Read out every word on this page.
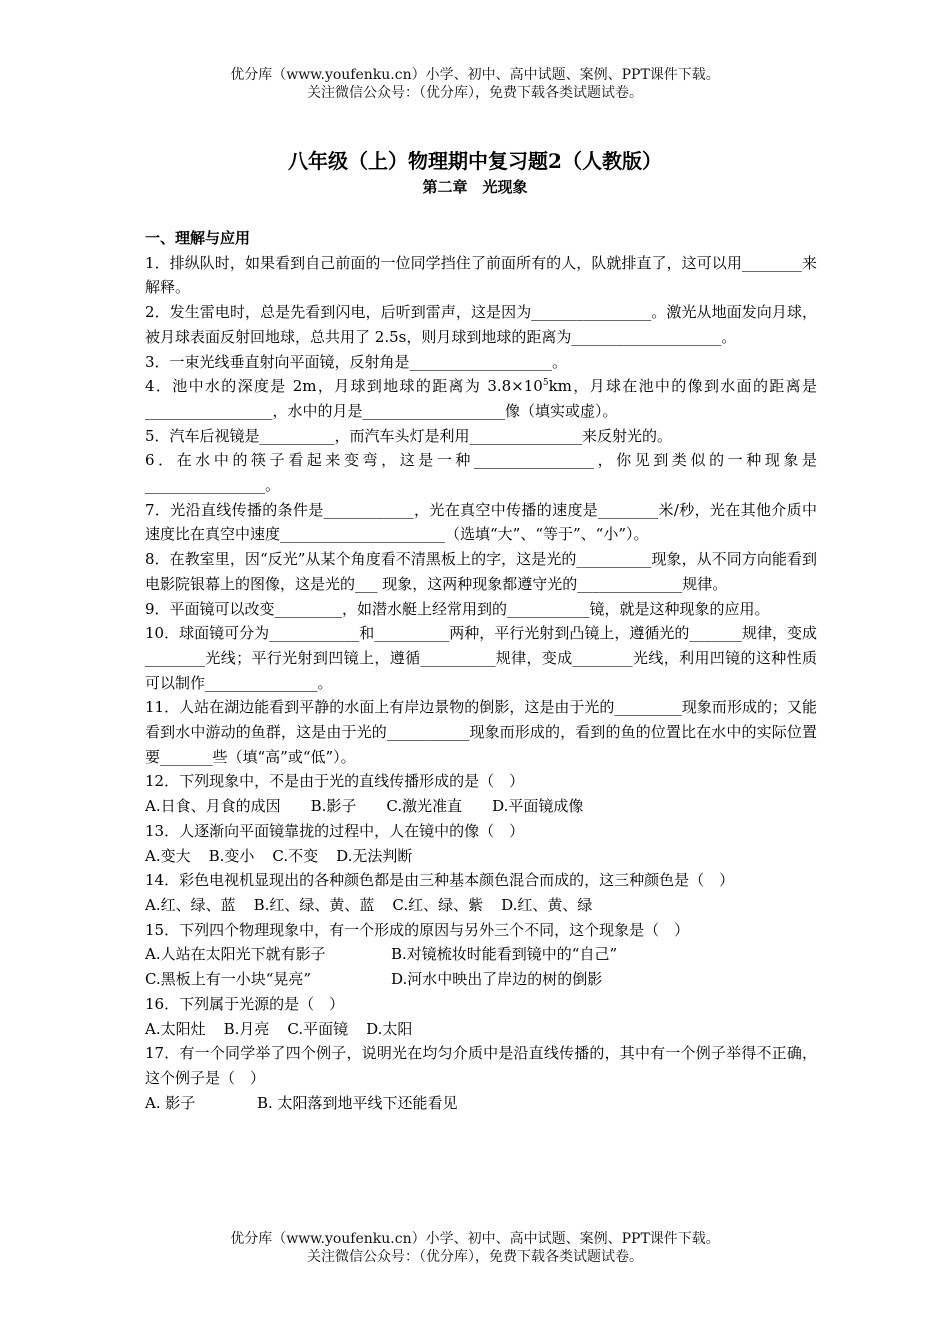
优分库（www.youfenku.cn）小学、初中、高中试题、案例、PPT课件下载。
关注微信公众号：（优分库），免费下载各类试题试卷。
八年级（上）物理期中复习题2（人教版）
第二章　光现象
一、理解与应用
1．排纵队时，如果看到自己前面的一位同学挡住了前面所有的人，队就排直了，这可以用________来解释。
2．发生雷电时，总是先看到闪电，后听到雷声，这是因为________________。激光从地面发向月球，被月球表面反射回地球，总共用了 2.5s，则月球到地球的距离为____________________。
3．一束光线垂直射向平面镜，反射角是___________________。
4．池中水的深度是 2m，月球到地球的距离为 $3.8\times 10^5km$，月球在池中的像到水面的距离是_________________，水中的月是___________________像（填实或虚）。
5．汽车后视镜是__________，而汽车头灯是利用_______________来反射光的。
6．在水中的筷子看起来变弯，这是一种________________，你见到类似的一种现象是________________。
7．光沿直线传播的条件是____________，光在真空中传播的速度是________米/秒，光在其他介质中速度比在真空中速度______________________（选填“大”、“等于”、“小”）。
8．在教室里，因“反光”从某个角度看不清黑板上的字，这是光的__________现象，从不同方向能看到电影院银幕上的图像，这是光的___ 现象，这两种现象都遵守光的______________规律。
9．平面镜可以改变_________，如潜水艇上经常用到的___________镜，就是这种现象的应用。
10．球面镜可分为____________和__________两种，平行光射到凸镜上，遵循光的_______规律，变成________光线；平行光射到凹镜上，遵循__________规律，变成________光线，利用凹镜的这种性质可以制作_______________。
11．人站在湖边能看到平静的水面上有岸边景物的倒影，这是由于光的_________现象而形成的；又能看到水中游动的鱼群，这是由于光的___________现象而形成的，看到的鱼的位置比在水中的实际位置要_______些（填“高”或“低”）。
12．下列现象中，不是由于光的直线传播形成的是（　）
A.日食、月食的成因 B.影子 C.激光准直 D.平面镜成像
13．人逐渐向平面镜靠拢的过程中，人在镜中的像（　）
A.变大 B.变小 C.不变 D.无法判断
14．彩色电视机显现出的各种颜色都是由三种基本颜色混合而成的，这三种颜色是（　）
A.红、绿、蓝 B.红、绿、黄、蓝 C.红、绿、紫 D.红、黄、绿
15．下列四个物理现象中，有一个形成的原因与另外三个不同，这个现象是（　）
A.人站在太阳光下就有影子	B.对镜梳妆时能看到镜中的“自己”
C.黑板上有一小块“晃亮”	D.河水中映出了岸边的树的倒影
16．下列属于光源的是（　）
A.太阳灶 B.月亮 C.平面镜 D.太阳
17．有一个同学举了四个例子，说明光在均匀介质中是沿直线传播的，其中有一个例子举得不正确，这个例子是（　）
A. 影子	B. 太阳落到地平线下还能看见
优分库（www.youfenku.cn）小学、初中、高中试题、案例、PPT课件下载。
关注微信公众号：（优分库），免费下载各类试题试卷。
